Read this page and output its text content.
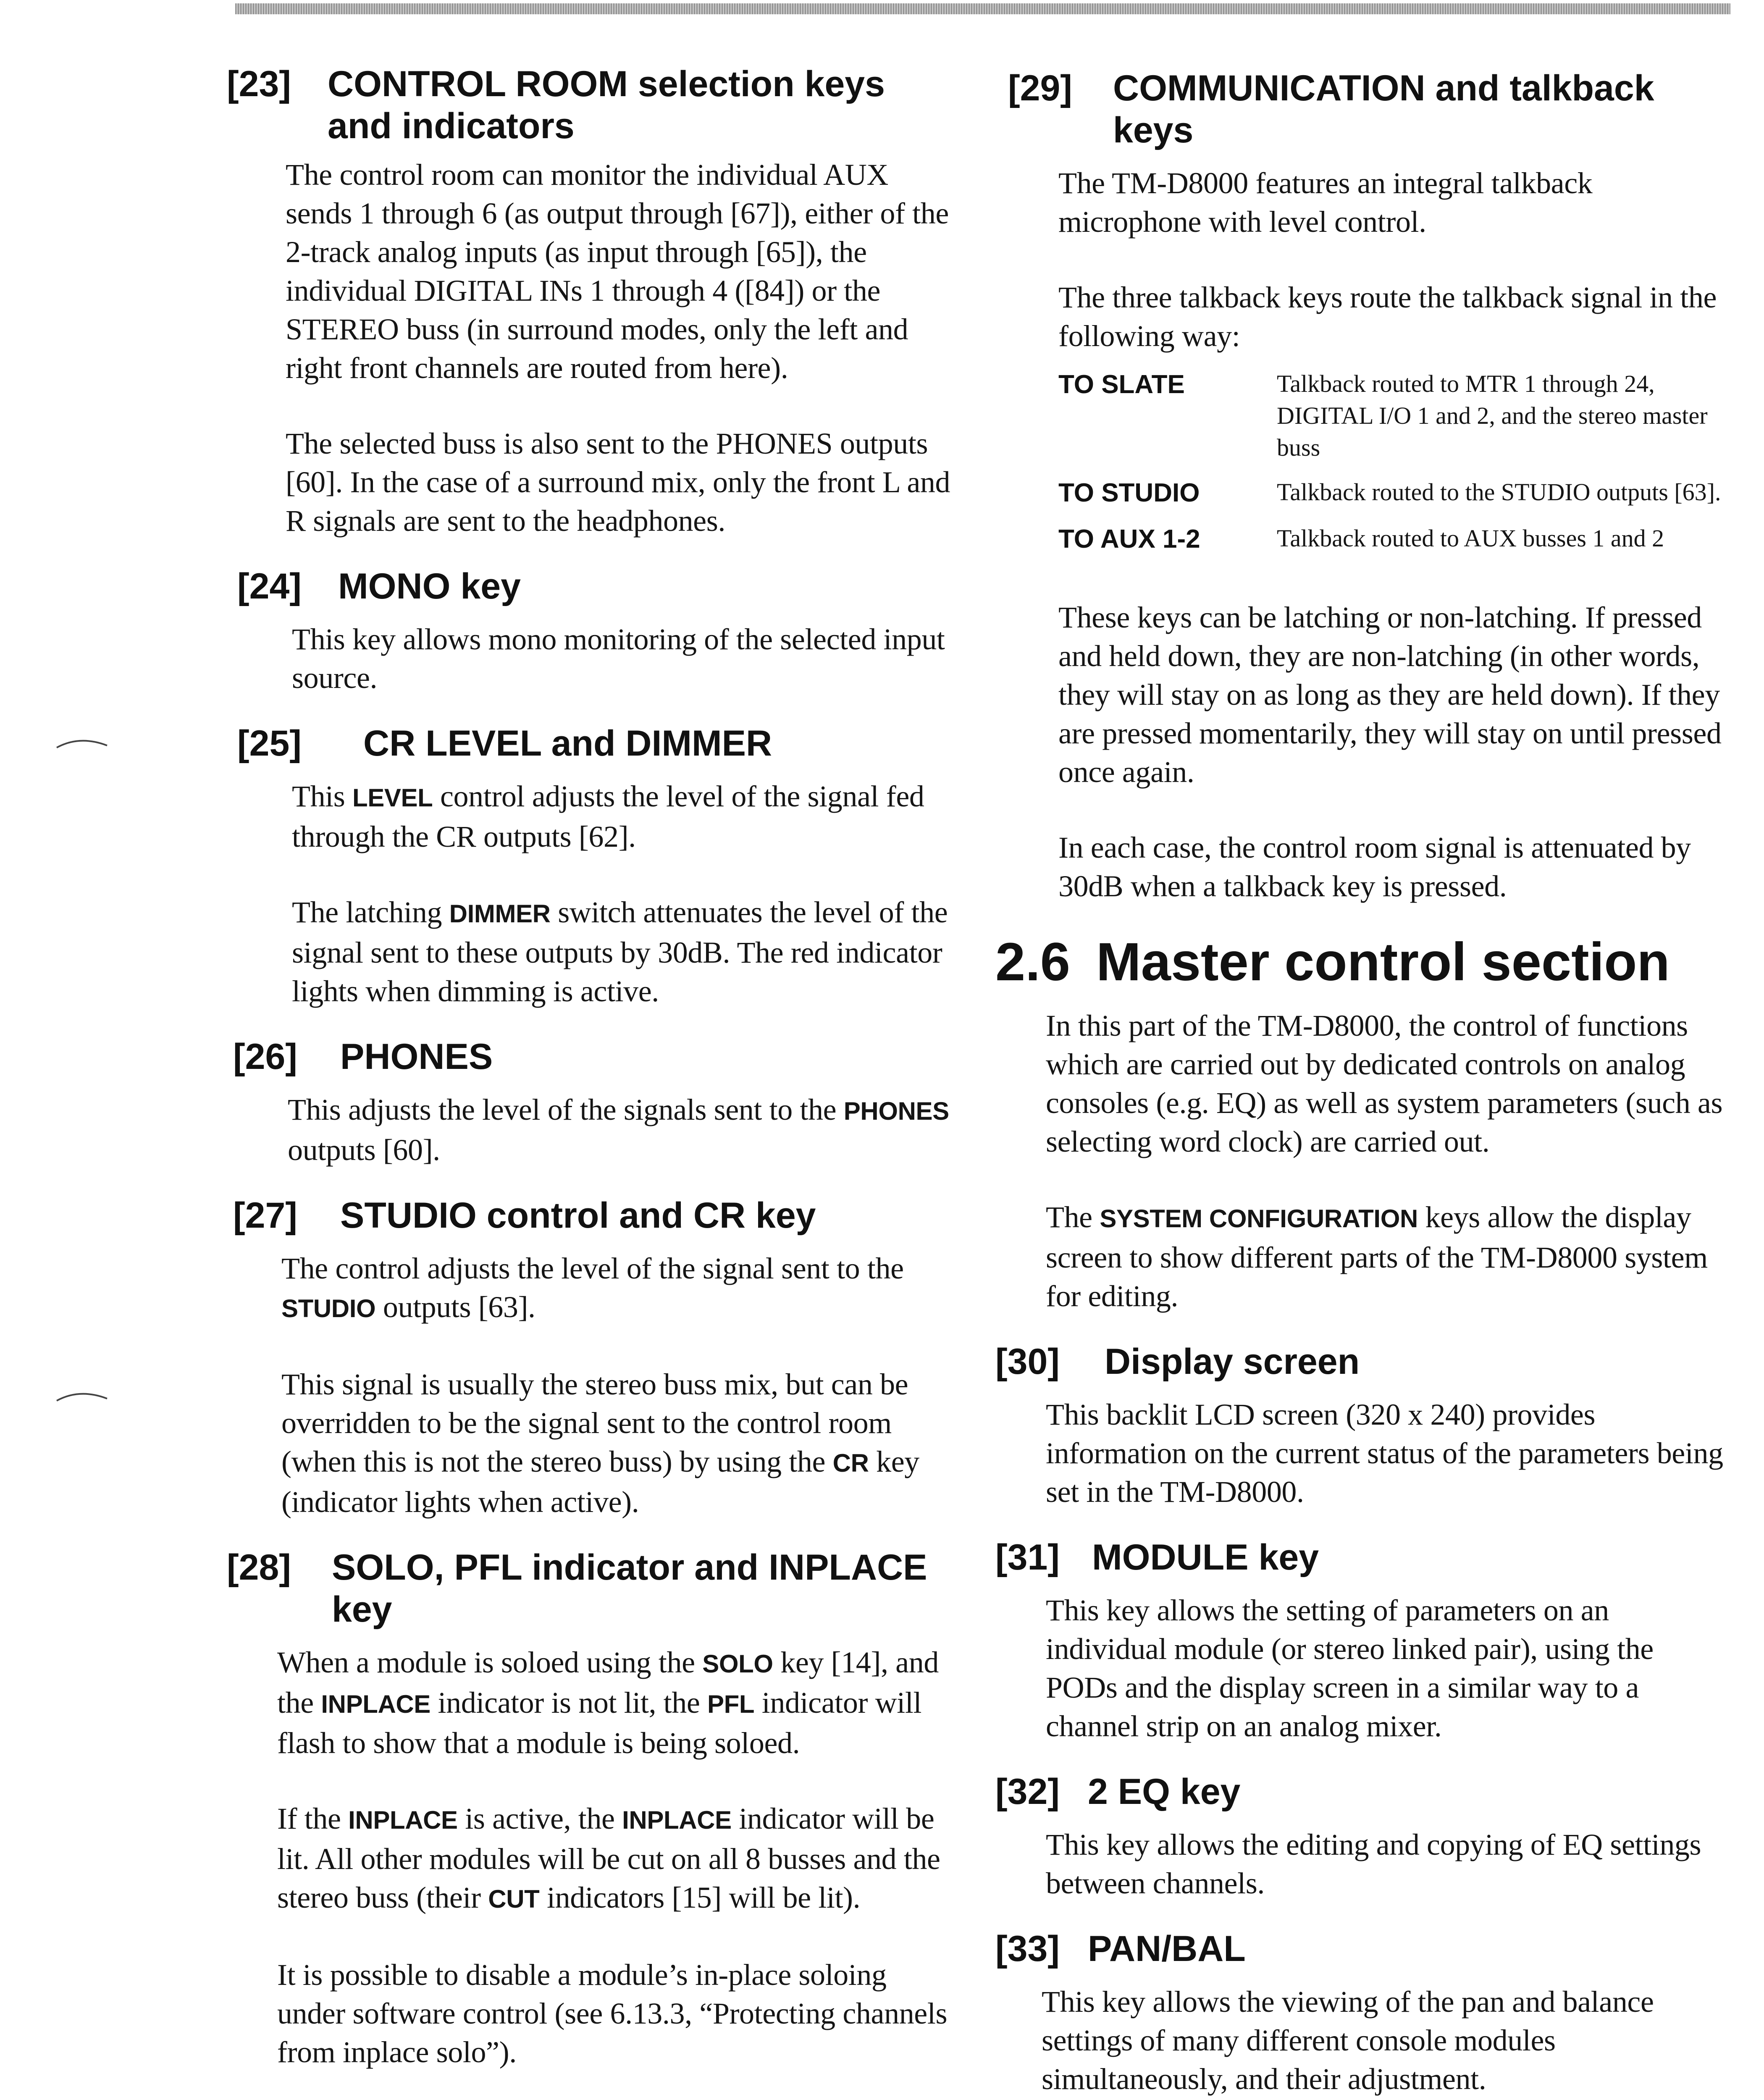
[23] CONTROL ROOM selection keys and indicators

The control room can monitor the individual AUX sends 1 through 6 (as output through [67]), either of the 2-track analog inputs (as input through [65]), the individual DIGITAL INs 1 through 4 ([84]) or the STEREO buss (in surround modes, only the left and right front channels are routed from here).

The selected buss is also sent to the PHONES outputs [60]. In the case of a surround mix, only the front L and R signals are sent to the headphones.

[24] MONO key

This key allows mono monitoring of the selected input source.

[25] CR LEVEL and DIMMER

This LEVEL control adjusts the level of the signal fed through the CR outputs [62].

The latching DIMMER switch attenuates the level of the signal sent to these outputs by 30dB. The red indicator lights when dimming is active.

[26] PHONES

This adjusts the level of the signals sent to the PHONES outputs [60].

[27] STUDIO control and CR key

The control adjusts the level of the signal sent to the STUDIO outputs [63].

This signal is usually the stereo buss mix, but can be overridden to be the signal sent to the control room (when this is not the stereo buss) by using the CR key (indicator lights when active).

[28] SOLO, PFL indicator and INPLACE key

When a module is soloed using the SOLO key [14], and the INPLACE indicator is not lit, the PFL indicator will flash to show that a module is being soloed.

If the INPLACE is active, the INPLACE indicator will be lit. All other modules will be cut on all 8 busses and the stereo buss (their CUT indicators [15] will be lit).

It is possible to disable a module’s in-place soloing under software control (see 6.13.3, “Protecting channels from inplace solo”).

[29] COMMUNICATION and talkback keys

The TM-D8000 features an integral talkback microphone with level control.

The three talkback keys route the talkback signal in the following way:

TO SLATE	Talkback routed to MTR 1 through 24, DIGITAL I/O 1 and 2, and the stereo master buss
TO STUDIO	Talkback routed to the STUDIO outputs [63].
TO AUX 1-2	Talkback routed to AUX busses 1 and 2

These keys can be latching or non-latching. If pressed and held down, they are non-latching (in other words, they will stay on as long as they are held down). If they are pressed momentarily, they will stay on until pressed once again.

In each case, the control room signal is attenuated by 30dB when a talkback key is pressed.

2.6 Master control section

In this part of the TM-D8000, the control of functions which are carried out by dedicated controls on analog consoles (e.g. EQ) as well as system parameters (such as selecting word clock) are carried out.

The SYSTEM CONFIGURATION keys allow the display screen to show different parts of the TM-D8000 system for editing.

[30] Display screen

This backlit LCD screen (320 x 240) provides information on the current status of the parameters being set in the TM-D8000.

[31] MODULE key

This key allows the setting of parameters on an individual module (or stereo linked pair), using the PODs and the display screen in a similar way to a channel strip on an analog mixer.

[32] 2 EQ key

This key allows the editing and copying of EQ settings between channels.

[33] PAN/BAL

This key allows the viewing of the pan and balance settings of many different console modules simultaneously, and their adjustment.
